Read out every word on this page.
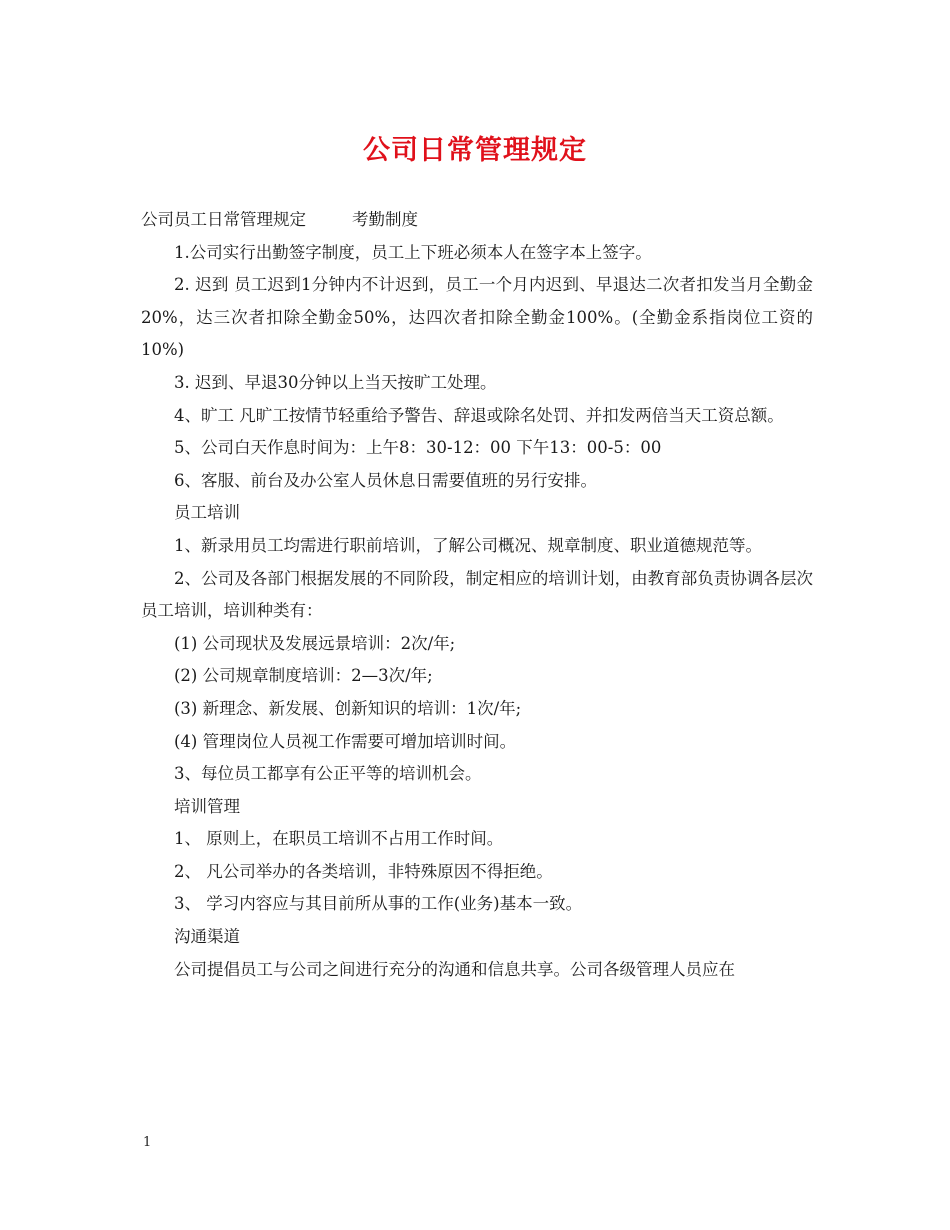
公司日常管理规定

公司员工日常管理规定	考勤制度

1.公司实行出勤签字制度，员工上下班必须本人在签字本上签字。

2. 迟到 员工迟到1分钟内不计迟到，员工一个月内迟到、早退达二次者扣发当月全勤金20%，达三次者扣除全勤金50%，达四次者扣除全勤金100%。(全勤金系指岗位工资的10%)

3. 迟到、早退30分钟以上当天按旷工处理。

4、旷工 凡旷工按情节轻重给予警告、辞退或除名处罚、并扣发两倍当天工资总额。

5、公司白天作息时间为：上午8：30-12：00 下午13：00-5：00

6、客服、前台及办公室人员休息日需要值班的另行安排。

员工培训

1、新录用员工均需进行职前培训，了解公司概况、规章制度、职业道德规范等。

2、公司及各部门根据发展的不同阶段，制定相应的培训计划，由教育部负责协调各层次员工培训，培训种类有：

(1) 公司现状及发展远景培训：2次/年;

(2) 公司规章制度培训：2—3次/年;

(3) 新理念、新发展、创新知识的培训：1次/年;

(4) 管理岗位人员视工作需要可增加培训时间。

3、每位员工都享有公正平等的培训机会。

培训管理

1、 原则上，在职员工培训不占用工作时间。

2、 凡公司举办的各类培训，非特殊原因不得拒绝。

3、 学习内容应与其目前所从事的工作(业务)基本一致。

沟通渠道

公司提倡员工与公司之间进行充分的沟通和信息共享。公司各级管理人员应在

1
